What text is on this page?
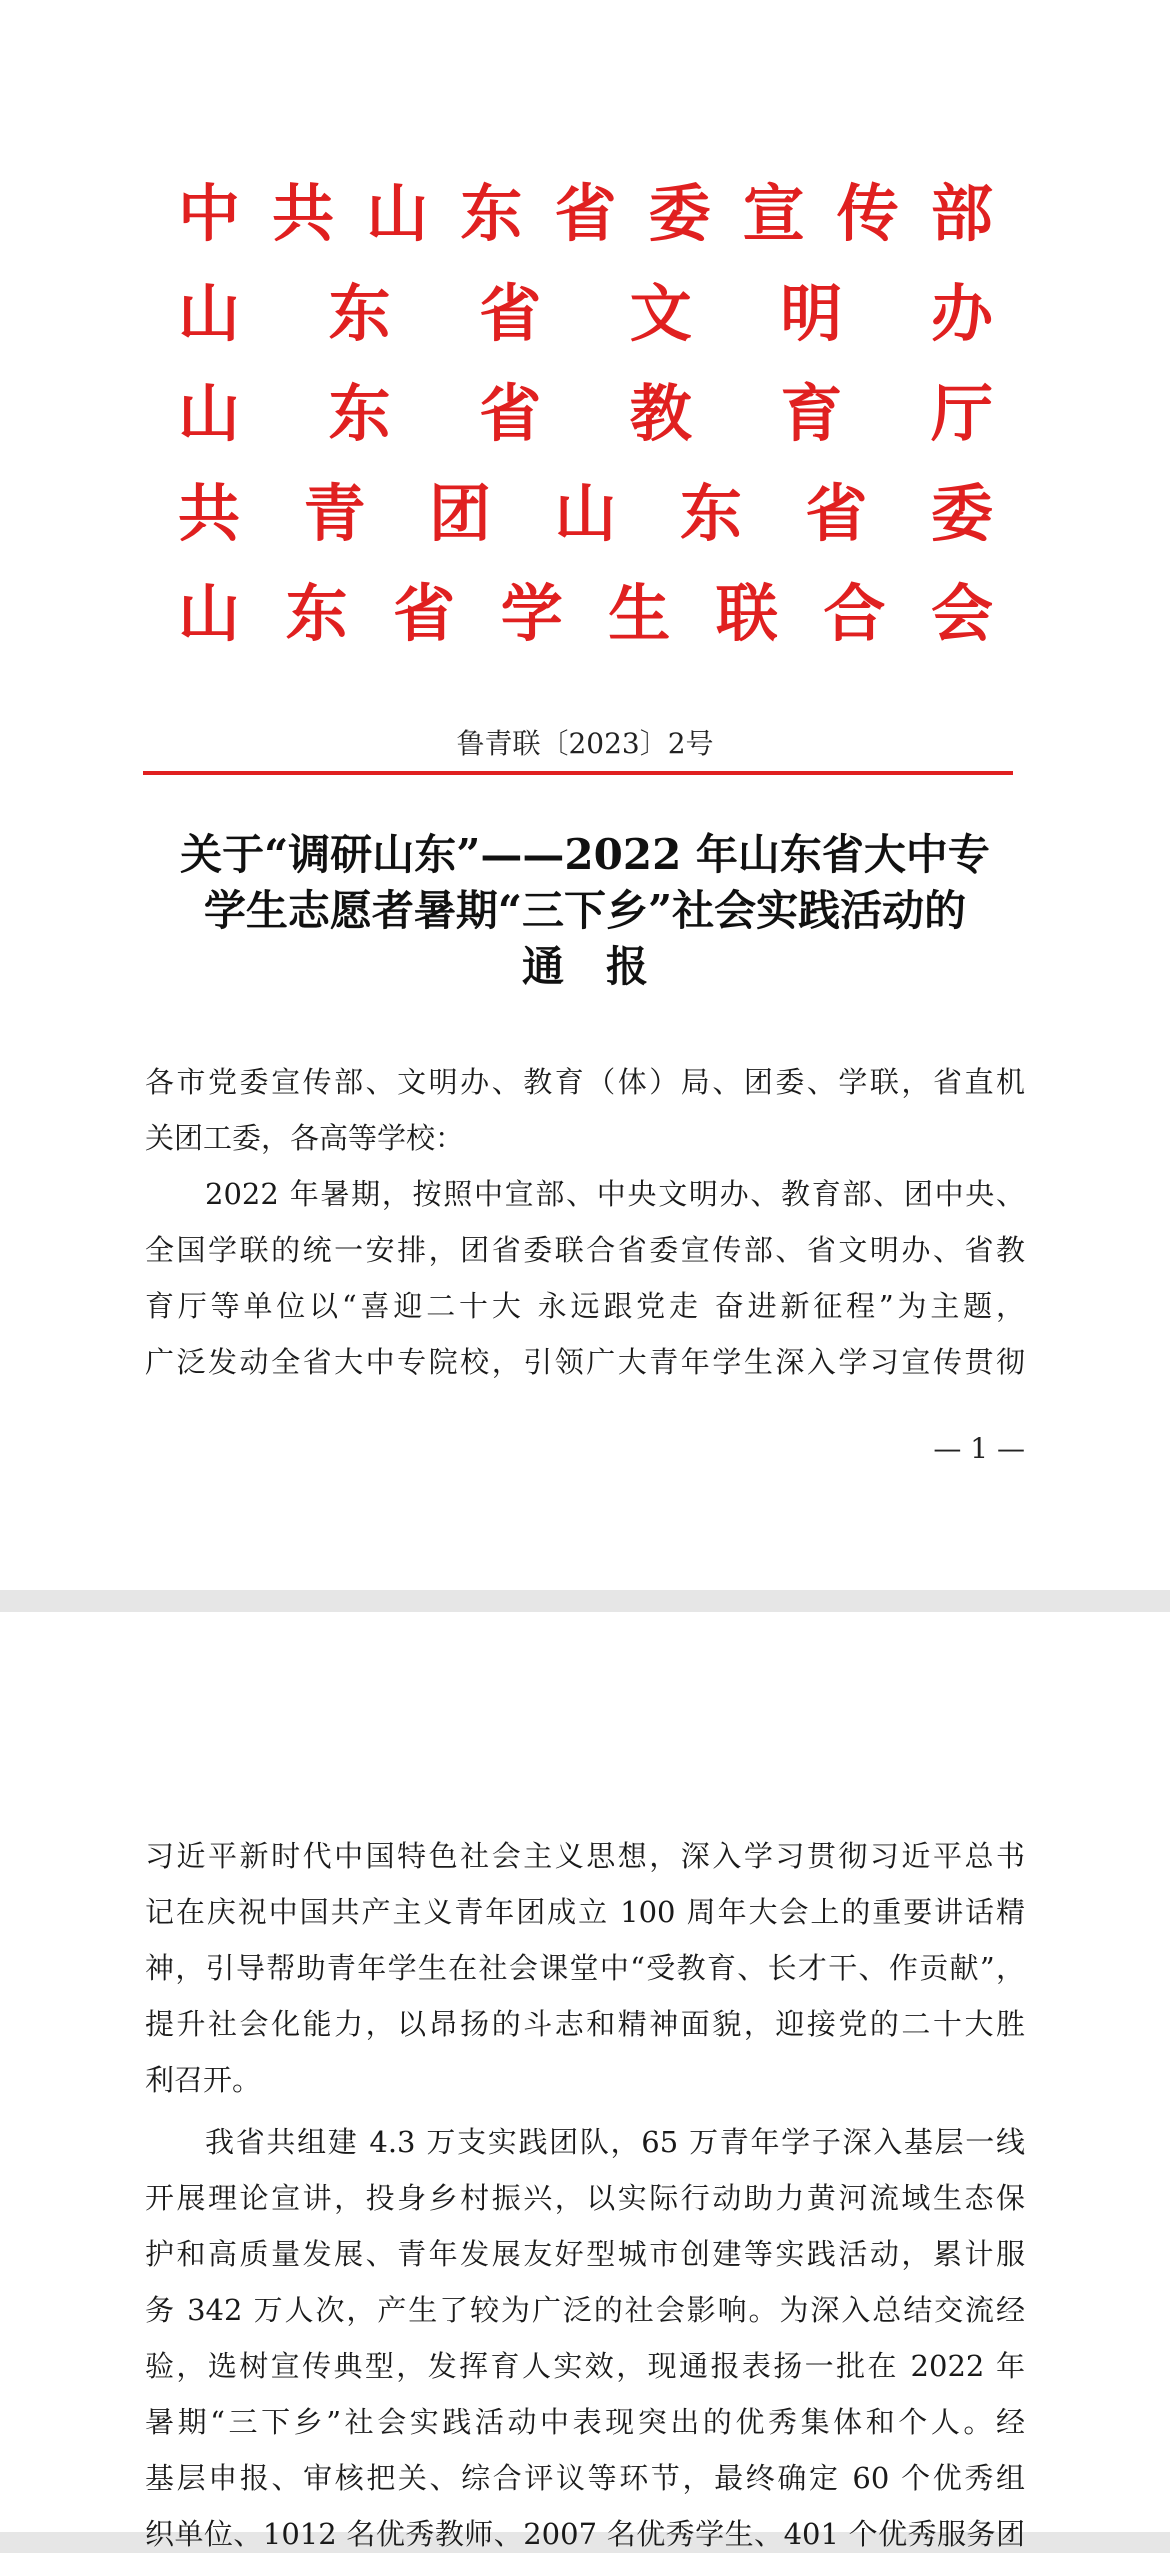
中 共 山 东 省 委 宣 传 部
山 东 省 文 明 办
山 东 省 教 育 厅
共 青 团 山 东 省 委
山 东 省 学 生 联 合 会
鲁青联〔2023〕2号
关于“调研山东”——2022 年山东省大中专
学生志愿者暑期“三下乡”社会实践活动的
通　报
各市党委宣传部、文明办、教育（体）局、团委、学联，省直机
关团工委，各高等学校：
2022 年暑期，按照中宣部、中央文明办、教育部、团中央、
全国学联的统一安排，团省委联合省委宣传部、省文明办、省教
育厅等单位以“喜迎二十大 永远跟党走 奋进新征程”为主题，
广泛发动全省大中专院校，引领广大青年学生深入学习宣传贯彻
— 1 —
习近平新时代中国特色社会主义思想，深入学习贯彻习近平总书
记在庆祝中国共产主义青年团成立 100 周年大会上的重要讲话精
神，引导帮助青年学生在社会课堂中“受教育、长才干、作贡献”，
提升社会化能力，以昂扬的斗志和精神面貌，迎接党的二十大胜
利召开。
我省共组建 4.3 万支实践团队，65 万青年学子深入基层一线
开展理论宣讲，投身乡村振兴，以实际行动助力黄河流域生态保
护和高质量发展、青年发展友好型城市创建等实践活动，累计服
务 342 万人次，产生了较为广泛的社会影响。为深入总结交流经
验，选树宣传典型，发挥育人实效，现通报表扬一批在 2022 年
暑期“三下乡”社会实践活动中表现突出的优秀集体和个人。经
基层申报、审核把关、综合评议等环节，最终确定 60 个优秀组
织单位、1012 名优秀教师、2007 名优秀学生、401 个优秀服务团
